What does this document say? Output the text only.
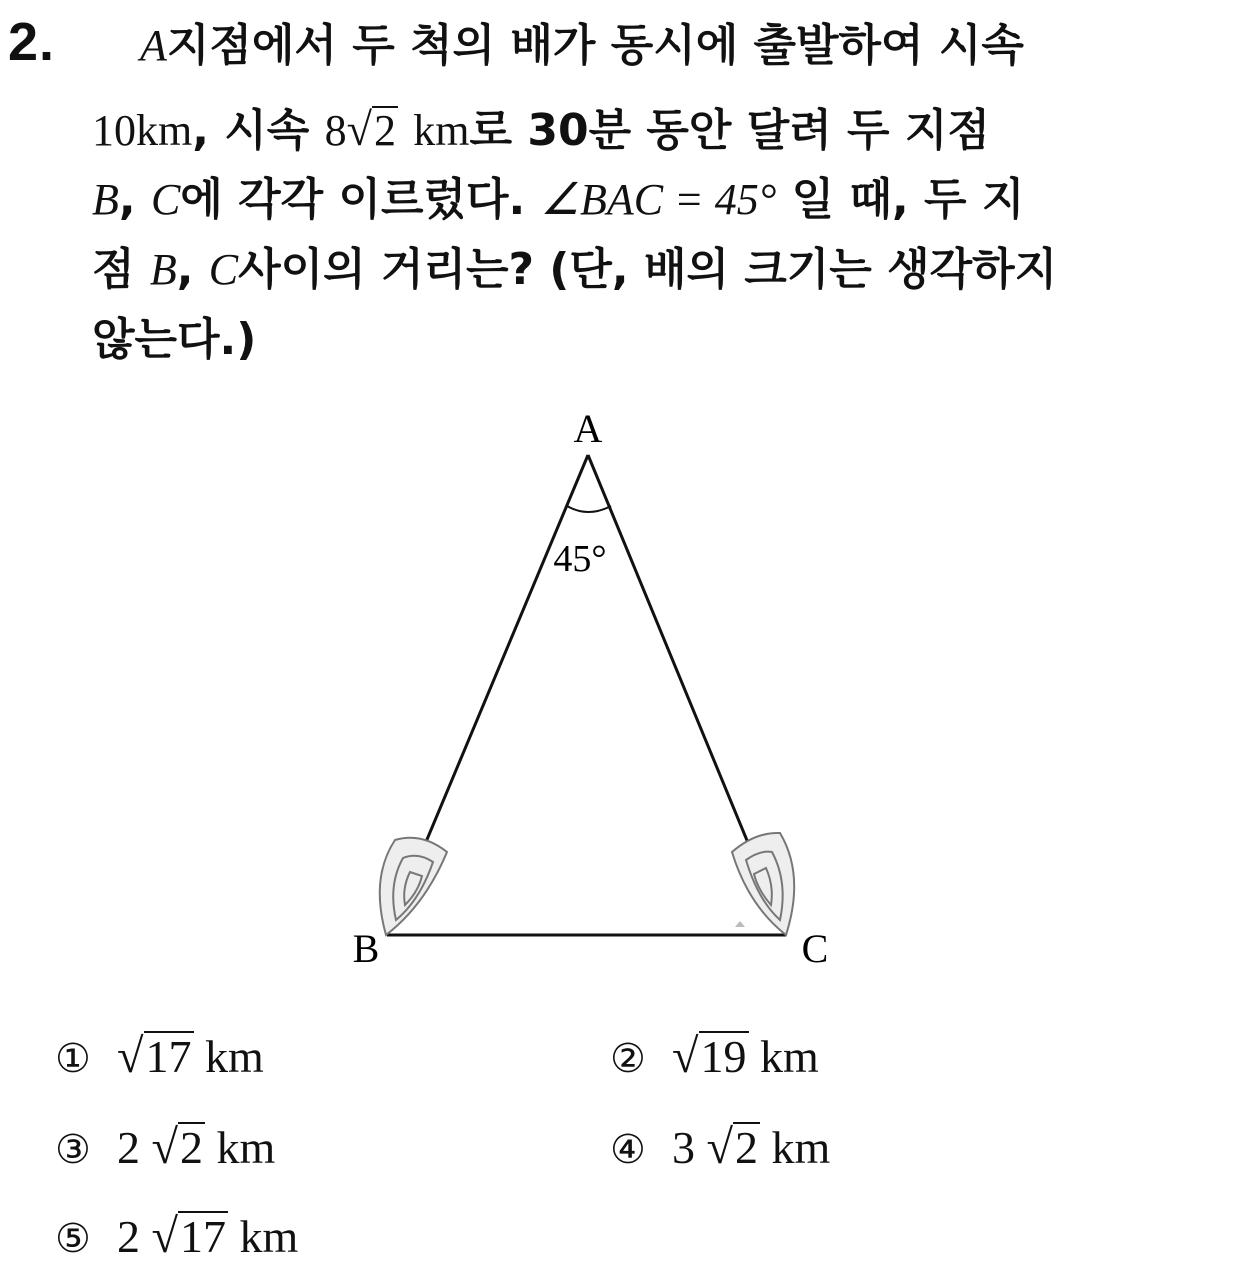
2. A지점에서 두 척의 배가 동시에 출발하여 시속
10km, 시속 8√2 km로 30분 동안 달려 두 지점
B, C에 각각 이르렀다. ∠BAC = 45° 일 때, 두 지
점 B, C사이의 거리는? (단, 배의 크기는 생각하지
않는다.)
45°
A
B	C
① √17 km	② √19 km
③ 2 √2 km	④ 3 √2 km
⑤ 2 √17 km
